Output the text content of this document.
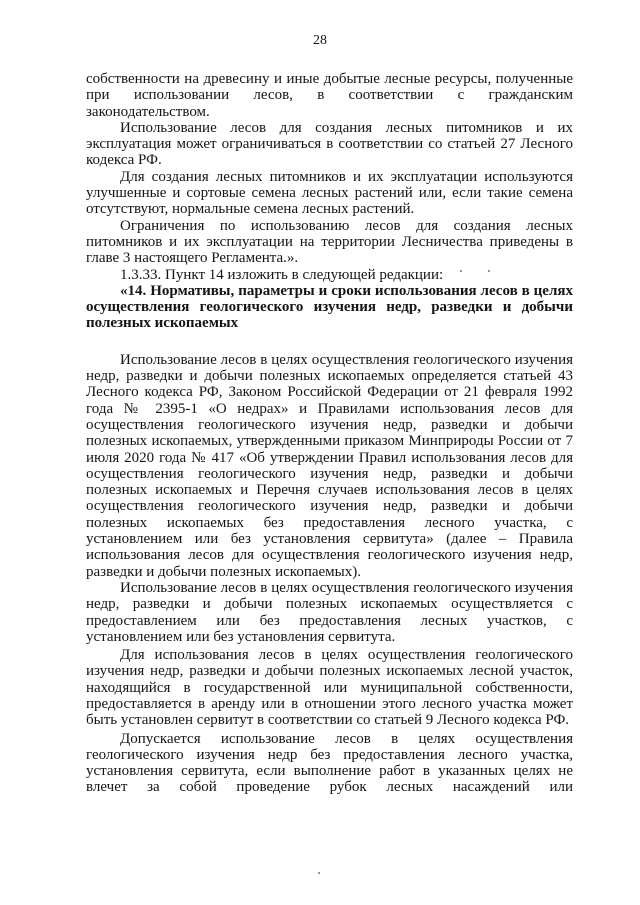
28

собственности на древесину и иные добытые лесные ресурсы, полученные при использовании лесов, в соответствии с гражданским законодательством.

Использование лесов для создания лесных питомников и их эксплуатация может ограничиваться в соответствии со статьей 27 Лесного кодекса РФ.

Для создания лесных питомников и их эксплуатации используются улучшенные и сортовые семена лесных растений или, если такие семена отсутствуют, нормальные семена лесных растений.

Ограничения по использованию лесов для создания лесных питомников и их эксплуатации на территории Лесничества приведены в главе 3 настоящего Регламента.».

1.3.33. Пункт 14 изложить в следующей редакции:

«14. Нормативы, параметры и сроки использования лесов в целях осуществления геологического изучения недр, разведки и добычи полезных ископаемых

Использование лесов в целях осуществления геологического изучения недр, разведки и добычи полезных ископаемых определяется статьей 43 Лесного кодекса РФ, Законом Российской Федерации от 21 февраля 1992 года № 2395-1 «О недрах» и Правилами использования лесов для осуществления геологического изучения недр, разведки и добычи полезных ископаемых, утвержденными приказом Минприроды России от 7 июля 2020 года № 417 «Об утверждении Правил использования лесов для осуществления геологического изучения недр, разведки и добычи полезных ископаемых и Перечня случаев использования лесов в целях осуществления геологического изучения недр, разведки и добычи полезных ископаемых без предоставления лесного участка, с установлением или без установления сервитута» (далее – Правила использования лесов для осуществления геологического изучения недр, разведки и добычи полезных ископаемых).

Использование лесов в целях осуществления геологического изучения недр, разведки и добычи полезных ископаемых осуществляется с предоставлением или без предоставления лесных участков, с установлением или без установления сервитута.

Для использования лесов в целях осуществления геологического изучения недр, разведки и добычи полезных ископаемых лесной участок, находящийся в государственной или муниципальной собственности, предоставляется в аренду или в отношении этого лесного участка может быть установлен сервитут в соответствии со статьей 9 Лесного кодекса РФ.

Допускается использование лесов в целях осуществления геологического изучения недр без предоставления лесного участка, установления сервитута, если выполнение работ в указанных целях не влечет за собой проведение рубок лесных насаждений или
